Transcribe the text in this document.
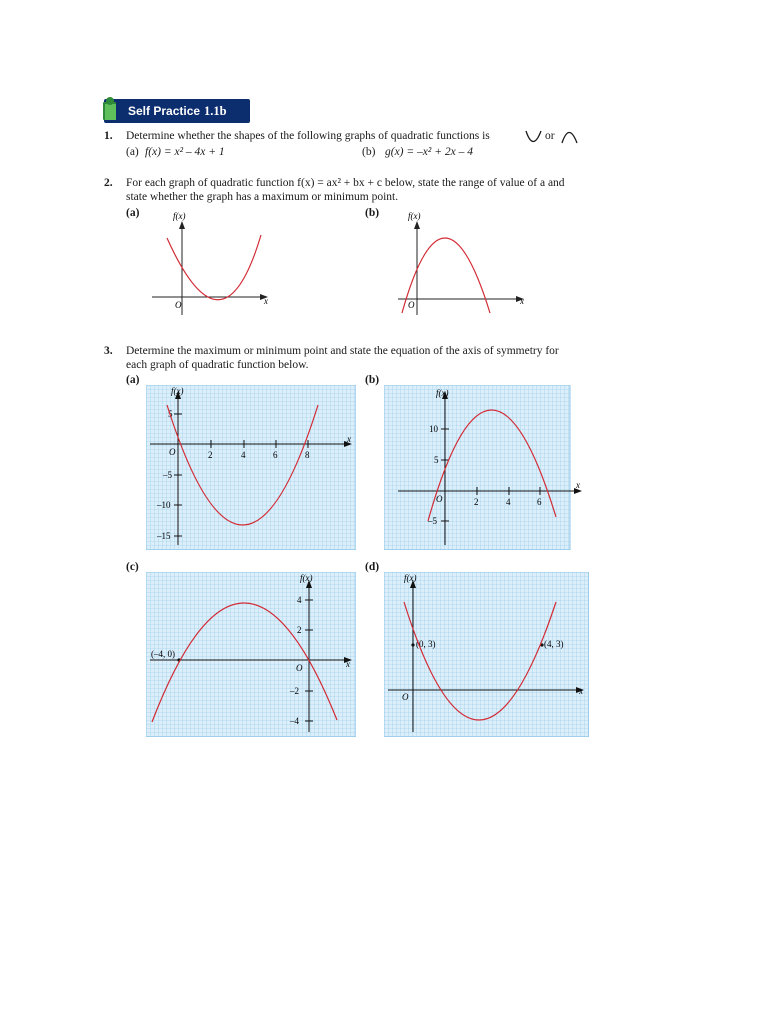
Self Practice 1.1b
1. Determine whether the shapes of the following graphs of quadratic functions is	or
(a) f(x) = x² – 4x + 1	(b) g(x) = –x² + 2x – 4
2. For each graph of quadratic function f(x) = ax² + bx + c below, state the range of value of a and
state whether the graph has a maximum or minimum point.
(a)	(b)
f(x)
x
O
f(x)
x
O
3. Determine the maximum or minimum point and state the equation of the axis of symmetry for
each graph of quadratic function below.
(a)	(b)
(c)	(d)
f(x)
x
O	2	4	6	8
5
–5
–10
–15
f(x)
x
O	2	4	6
10
5
–5
f(x)
x
O
4
2
–2
–4
(–4, 0)
f(x)
x
O
(0, 3)	(4, 3)
